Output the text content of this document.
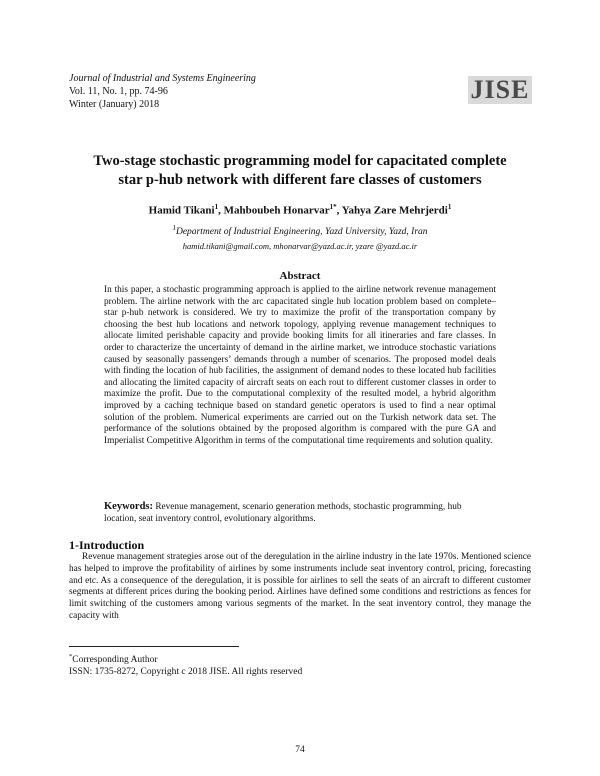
Journal of Industrial and Systems Engineering
Vol. 11, No. 1, pp. 74-96
Winter (January) 2018
JISE
Two-stage stochastic programming model for capacitated complete
star p-hub network with different fare classes of customers
Hamid Tikani$^1$, Mahboubeh Honarvar$^{1*}$, Yahya Zare Mehrjerdi$^1$
$^1$Department of Industrial Engineering, Yazd University, Yazd, Iran
hamid.tikani@gmail.com, mhonarvar@yazd.ac.ir, yzare @yazd.ac.ir
Abstract
In this paper, a stochastic programming approach is applied to the airline network revenue management problem. The airline network with the arc capacitated single hub location problem based on complete–star p-hub network is considered. We try to maximize the profit of the transportation company by choosing the best hub locations and network topology, applying revenue management techniques to allocate limited perishable capacity and provide booking limits for all itineraries and fare classes. In order to characterize the uncertainty of demand in the airline market, we introduce stochastic variations caused by seasonally passengers’ demands through a number of scenarios. The proposed model deals with finding the location of hub facilities, the assignment of demand nodes to these located hub facilities and allocating the limited capacity of aircraft seats on each rout to different customer classes in order to maximize the profit. Due to the computational complexity of the resulted model, a hybrid algorithm improved by a caching technique based on standard genetic operators is used to find a near optimal solution of the problem. Numerical experiments are carried out on the Turkish network data set. The performance of the solutions obtained by the proposed algorithm is compared with the pure GA and Imperialist Competitive Algorithm in terms of the computational time requirements and solution quality.
Keywords: Revenue management, scenario generation methods, stochastic programming, hub location, seat inventory control, evolutionary algorithms.
1-Introduction
Revenue management strategies arose out of the deregulation in the airline industry in the late 1970s. Mentioned science has helped to improve the profitability of airlines by some instruments include seat inventory control, pricing, forecasting and etc. As a consequence of the deregulation, it is possible for airlines to sell the seats of an aircraft to different customer segments at different prices during the booking period. Airlines have defined some conditions and restrictions as fences for limit switching of the customers among various segments of the market. In the seat inventory control, they manage the capacity with
*Corresponding Author
ISSN: 1735-8272, Copyright c 2018 JISE. All rights reserved
74
